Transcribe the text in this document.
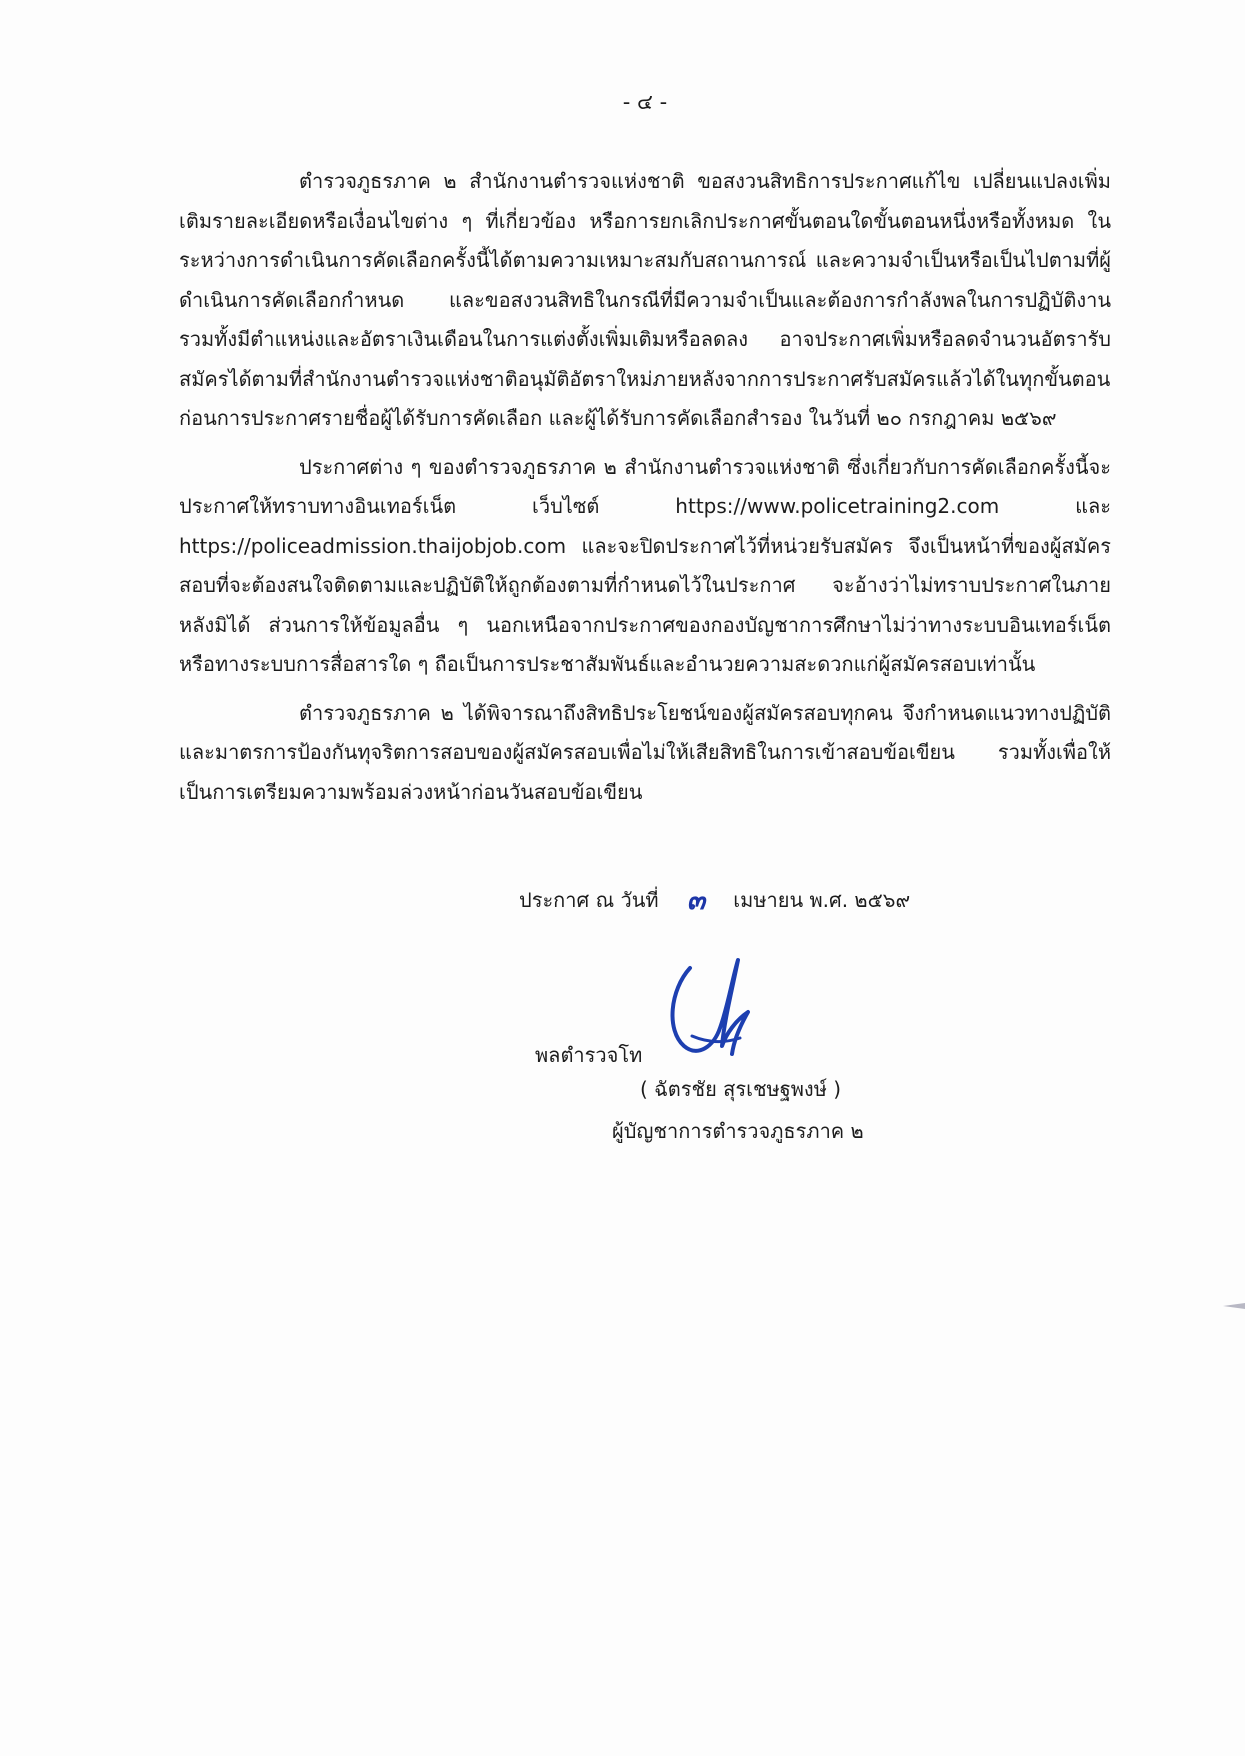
- ๔ -

ตำรวจภูธรภาค ๒ สำนักงานตำรวจแห่งชาติ ขอสงวนสิทธิการประกาศแก้ไข เปลี่ยนแปลงเพิ่มเติมรายละเอียดหรือเงื่อนไขต่าง ๆ ที่เกี่ยวข้อง หรือการยกเลิกประกาศขั้นตอนใดขั้นตอนหนึ่งหรือทั้งหมด ในระหว่างการดำเนินการคัดเลือกครั้งนี้ได้ตามความเหมาะสมกับสถานการณ์ และความจำเป็นหรือเป็นไปตามที่ผู้ดำเนินการคัดเลือกกำหนด และขอสงวนสิทธิในกรณีที่มีความจำเป็นและต้องการกำลังพลในการปฏิบัติงาน รวมทั้งมีตำแหน่งและอัตราเงินเดือนในการแต่งตั้งเพิ่มเติมหรือลดลง อาจประกาศเพิ่มหรือลดจำนวนอัตรารับสมัครได้ตามที่สำนักงานตำรวจแห่งชาติอนุมัติอัตราใหม่ภายหลังจากการประกาศรับสมัครแล้วได้ในทุกขั้นตอน ก่อนการประกาศรายชื่อผู้ได้รับการคัดเลือก และผู้ได้รับการคัดเลือกสำรอง ในวันที่ ๒๐ กรกฎาคม ๒๕๖๙

ประกาศต่าง ๆ ของตำรวจภูธรภาค ๒ สำนักงานตำรวจแห่งชาติ ซึ่งเกี่ยวกับการคัดเลือกครั้งนี้จะประกาศให้ทราบทางอินเทอร์เน็ต เว็บไซต์ https://www.policetraining2.com และ https://policeadmission.thaijobjob.com และจะปิดประกาศไว้ที่หน่วยรับสมัคร จึงเป็นหน้าที่ของผู้สมัครสอบที่จะต้องสนใจติดตามและปฏิบัติให้ถูกต้องตามที่กำหนดไว้ในประกาศ จะอ้างว่าไม่ทราบประกาศในภายหลังมิได้ ส่วนการให้ข้อมูลอื่น ๆ นอกเหนือจากประกาศของกองบัญชาการศึกษาไม่ว่าทางระบบอินเทอร์เน็ตหรือทางระบบการสื่อสารใด ๆ ถือเป็นการประชาสัมพันธ์และอำนวยความสะดวกแก่ผู้สมัครสอบเท่านั้น

ตำรวจภูธรภาค ๒ ได้พิจารณาถึงสิทธิประโยชน์ของผู้สมัครสอบทุกคน จึงกำหนดแนวทางปฏิบัติและมาตรการป้องกันทุจริตการสอบของผู้สมัครสอบเพื่อไม่ให้เสียสิทธิในการเข้าสอบข้อเขียน รวมทั้งเพื่อให้เป็นการเตรียมความพร้อมล่วงหน้าก่อนวันสอบข้อเขียน

ประกาศ ณ วันที่ ๓ เมษายน พ.ศ. ๒๕๖๙
พลตำรวจโท
( ฉัตรชัย สุรเชษฐพงษ์ )
ผู้บัญชาการตำรวจภูธรภาค ๒
